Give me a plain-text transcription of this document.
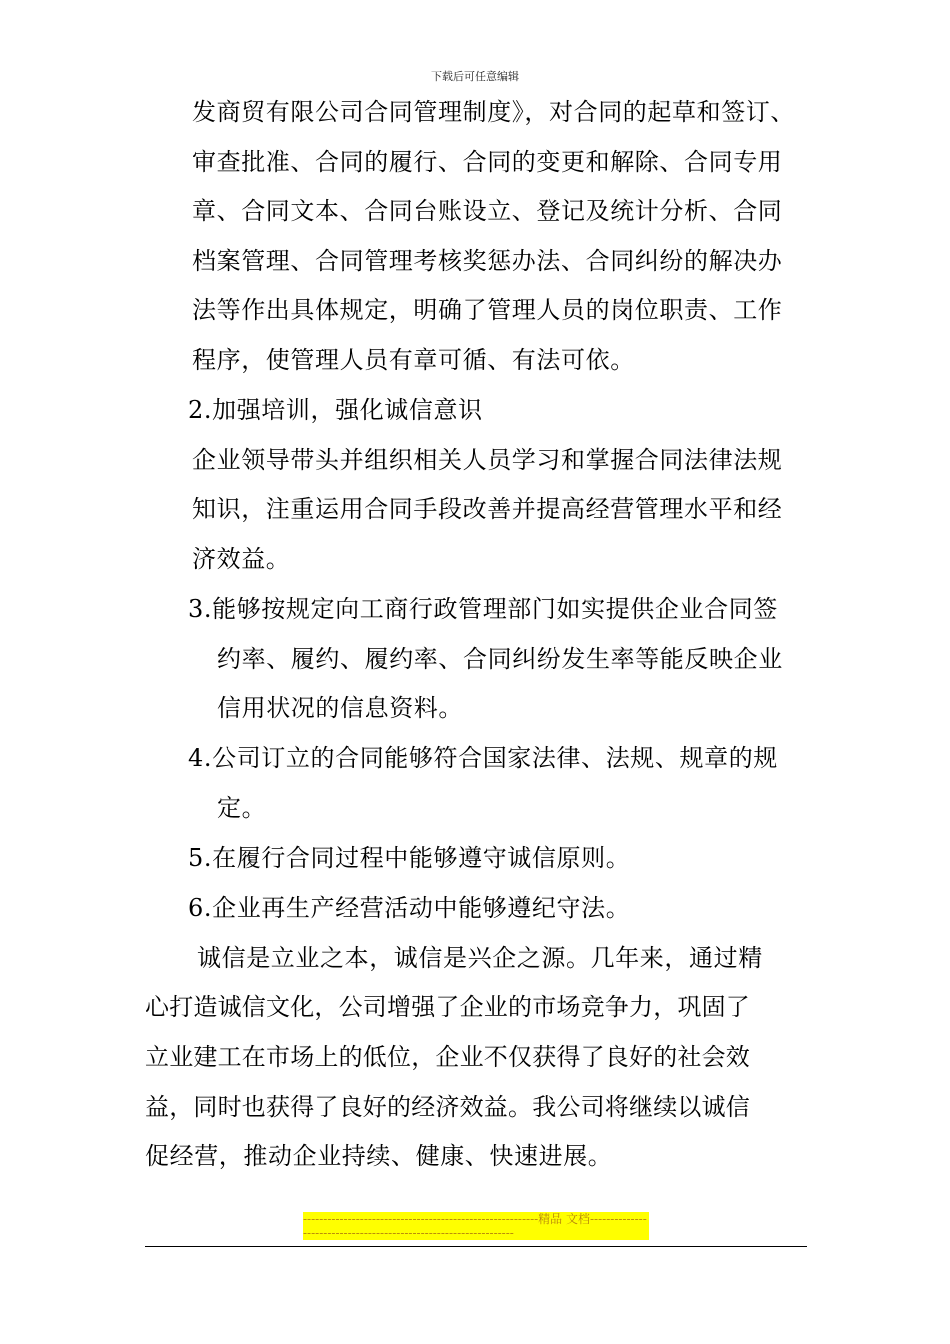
下载后可任意编辑
发商贸有限公司合同管理制度》，对合同的起草和签订、
审查批准、合同的履行、合同的变更和解除、合同专用
章、合同文本、合同台账设立、登记及统计分析、合同
档案管理、合同管理考核奖惩办法、合同纠纷的解决办
法等作出具体规定，明确了管理人员的岗位职责、工作
程序，使管理人员有章可循、有法可依。
2.加强培训，强化诚信意识
企业领导带头并组织相关人员学习和掌握合同法律法规
知识，注重运用合同手段改善并提高经营管理水平和经
济效益。
3.能够按规定向工商行政管理部门如实提供企业合同签
约率、履约、履约率、合同纠纷发生率等能反映企业
信用状况的信息资料。
4.公司订立的合同能够符合国家法律、法规、规章的规
定。
5.在履行合同过程中能够遵守诚信原则。
6.企业再生产经营活动中能够遵纪守法。
诚信是立业之本，诚信是兴企之源。几年来，通过精
心打造诚信文化，公司增强了企业的市场竞争力，巩固了
立业建工在市场上的低位，企业不仅获得了良好的社会效
益，同时也获得了良好的经济效益。我公司将继续以诚信
促经营，推动企业持续、健康、快速进展。
----------------------------------------------------------精品 文档------------------------------------------------------------------
